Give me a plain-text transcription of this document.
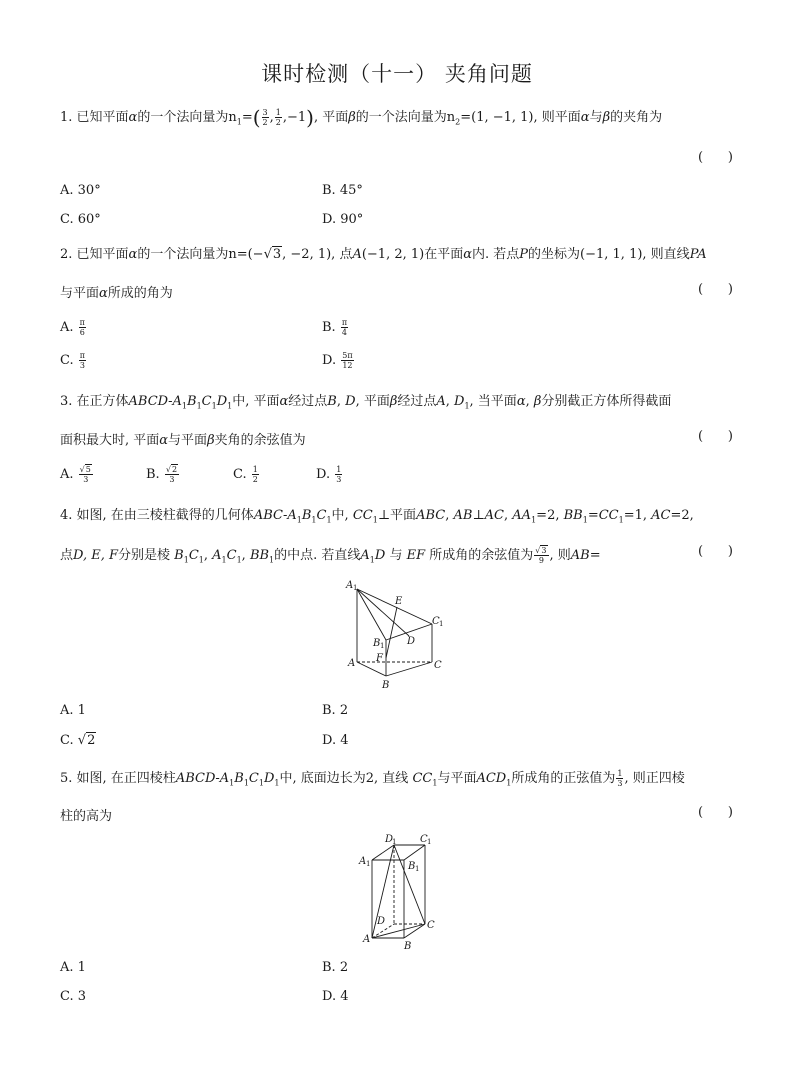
课时检测（十一） 夹角问题
1. 已知平面α的一个法向量为$n_1=( \frac{3}{2}$ , $\frac{1}{2} ,-1$), 平面β的一个法向量为$n_2=(1$, −1, 1), 则平面α与β的夹角为
(      )
A. 30°	B. 45°
C. 60°	D. 90°
2. 已知平面α的一个法向量为n=(−√3, −2, 1), 点A(−1, 2, 1)在平面α内. 若点P的坐标为(−1, 1, 1), 则直线PA
与平面α所成的角为	(      )
A. $\frac{\pi}{6}$	B. $\frac{\pi}{4}$
C. $\frac{\pi}{3}$	D. $\frac{5\pi}{12}$
3. 在正方体ABCD-$A_1B_1C_1D_1$中, 平面α经过点B, D, 平面β经过点A, $D_1$, 当平面α, β分别截正方体所得截面
面积最大时, 平面α与平面β夹角的余弦值为	(      )
A. $\frac{√5}{3}$	B. $\frac{√2}{3}$	C. $\frac{1}{2}$	D. $\frac{1}{3}$
4. 如图, 在由三棱柱截得的几何体ABC-$A_1B_1C_1$中, $CC_1\perp$平面ABC, AB⊥AC, $AA_1=2$, $BB_1=CC_1=1$, AC=2,
点D, E, F分别是棱 $B_1C_1$, $A_1C_1$, $BB_1$的中点. 若直线$A_1D$ 与 EF 所成角的余弦值为 $\frac{√3}{9}$ , 则AB=	(      )
A 1
E
C 1
B 1 D
F
A	C
B
A. 1	B. 2
C. √2	D. 4
5. 如图, 在正四棱柱ABCD-$A_1B_1C_1D_1$中, 底面边长为2, 直线 $CC_1$与平面$ACD_1$所成角的正弦值为 $\frac{1}{3}$ , 则正四棱
柱的高为	(      )
D
1 C 1
A 1	B 1
D	C
A
B
A. 1	B. 2
C. 3	D. 4
